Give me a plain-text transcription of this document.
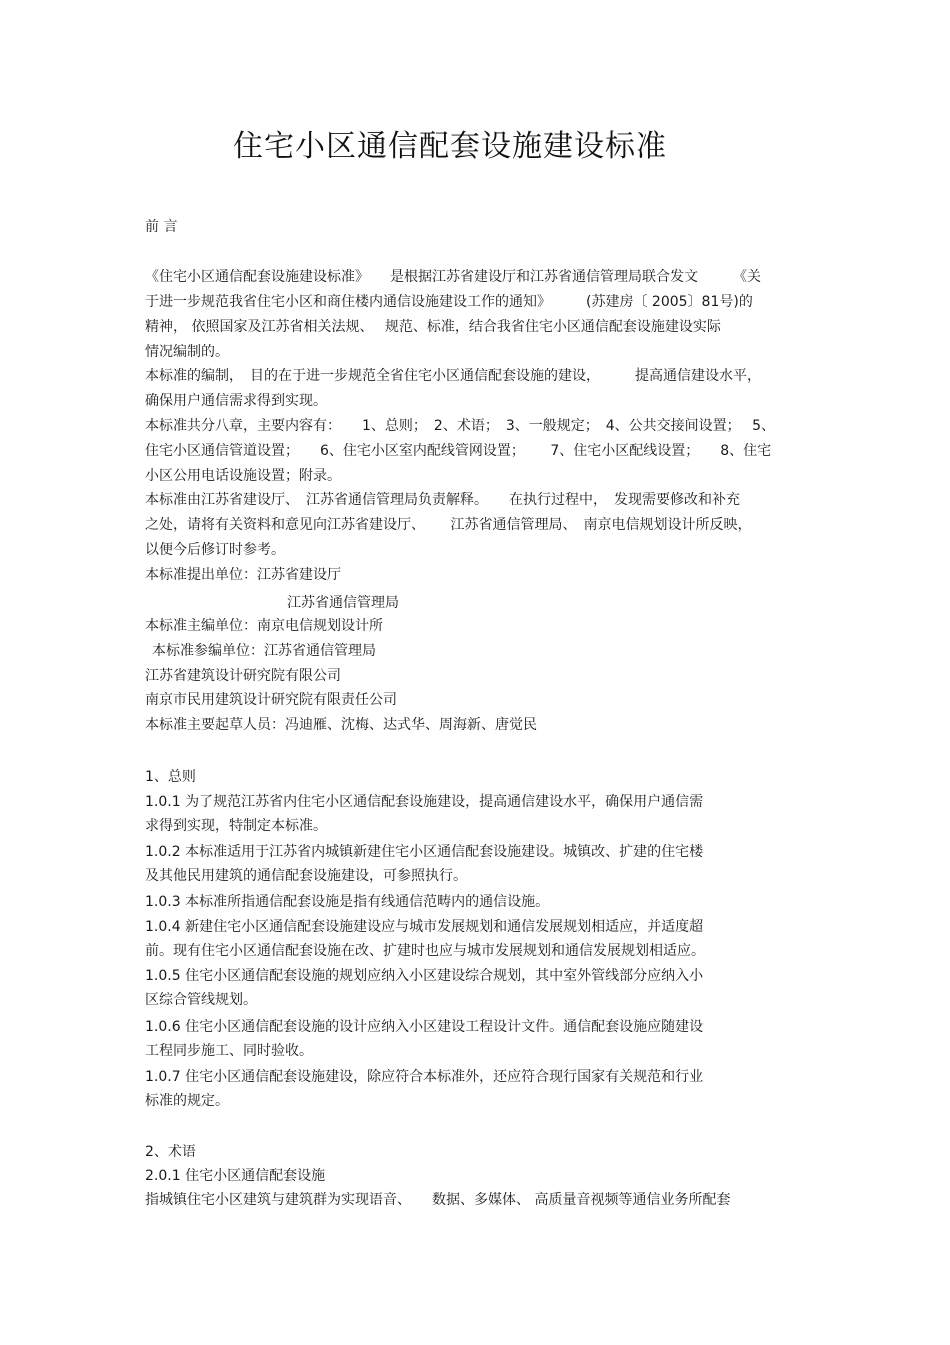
住宅小区通信配套设施建设标准
前 言
《住宅小区通信配套设施建设标准》　　是根据江苏省建设厅和江苏省通信管理局联合发文　　　《关
于进一步规范我省住宅小区和商住楼内通信设施建设工作的通知》　　　(苏建房〔 2005〕81号)的
精神， 依照国家及江苏省相关法规、　 规范、标准，结合我省住宅小区通信配套设施建设实际
情况编制的。
本标准的编制，　目的在于进一步规范全省住宅小区通信配套设施的建设，　　　提高通信建设水平，
确保用户通信需求得到实现。
本标准共分八章，主要内容有：　　1、总则；　2、术语；　3、一般规定；　4、公共交接间设置；　 5、
住宅小区通信管道设置；　　6、住宅小区室内配线管网设置；　　 7、住宅小区配线设置；　　8、住宅
小区公用电话设施设置；附录。
本标准由江苏省建设厅、　江苏省通信管理局负责解释。　　在执行过程中，　发现需要修改和补充
之处，请将有关资料和意见向江苏省建设厅、　　 江苏省通信管理局、　南京电信规划设计所反映，
以便今后修订时参考。
本标准提出单位：江苏省建设厅
江苏省通信管理局
本标准主编单位：南京电信规划设计所
本标准参编单位：江苏省通信管理局
江苏省建筑设计研究院有限公司
南京市民用建筑设计研究院有限责任公司
本标准主要起草人员：冯迪雁、沈梅、达式华、周海新、唐觉民
1、总则
1.0.1 为了规范江苏省内住宅小区通信配套设施建设，提高通信建设水平，确保用户通信需
求得到实现，特制定本标准。
1.0.2 本标准适用于江苏省内城镇新建住宅小区通信配套设施建设。城镇改、扩建的住宅楼
及其他民用建筑的通信配套设施建设，可参照执行。
1.0.3 本标准所指通信配套设施是指有线通信范畴内的通信设施。
1.0.4 新建住宅小区通信配套设施建设应与城市发展规划和通信发展规划相适应，并适度超
前。现有住宅小区通信配套设施在改、扩建时也应与城市发展规划和通信发展规划相适应。
1.0.5 住宅小区通信配套设施的规划应纳入小区建设综合规划，其中室外管线部分应纳入小
区综合管线规划。
1.0.6 住宅小区通信配套设施的设计应纳入小区建设工程设计文件。通信配套设施应随建设
工程同步施工、同时验收。
1.0.7 住宅小区通信配套设施建设，除应符合本标准外，还应符合现行国家有关规范和行业
标准的规定。
2、术语
2.0.1 住宅小区通信配套设施
指城镇住宅小区建筑与建筑群为实现语音、　　数据、多媒体、 高质量音视频等通信业务所配套
